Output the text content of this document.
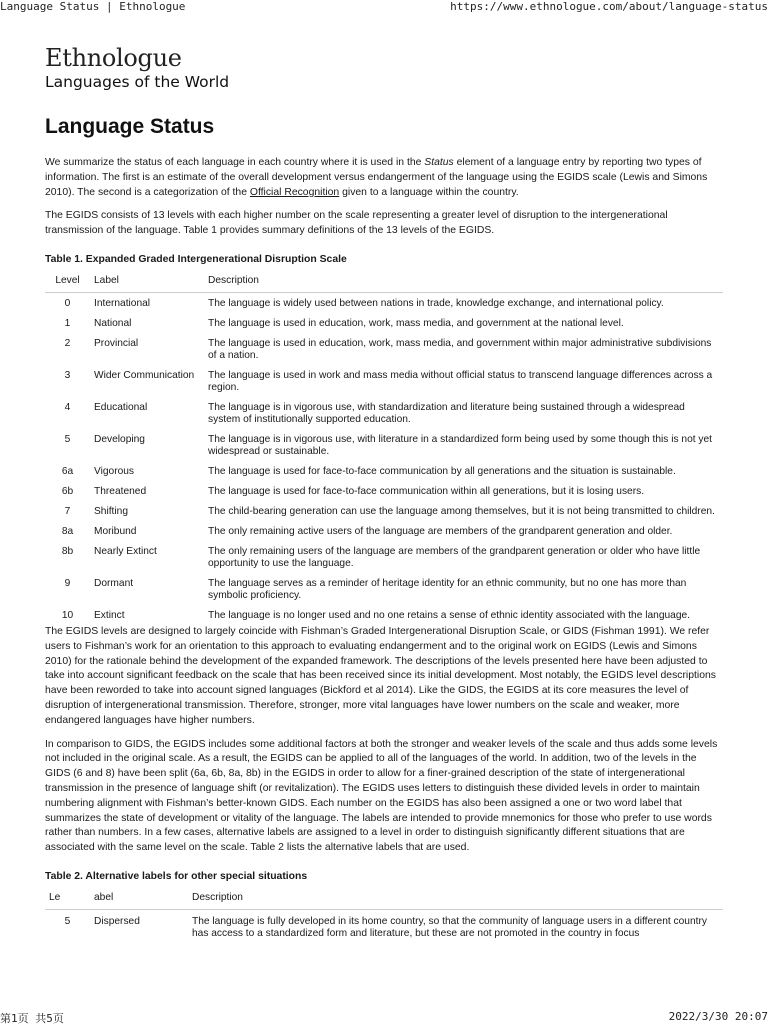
Language Status | Ethnologue	https://www.ethnologue.com/about/language-status
Ethnologue
Languages of the World
Language Status

We summarize the status of each language in each country where it is used in the Status element of a language entry by reporting two types of information. The first is an estimate of the overall development versus endangerment of the language using the EGIDS scale (Lewis and Simons 2010). The second is a categorization of the Official Recognition given to a language within the country.

The EGIDS consists of 13 levels with each higher number on the scale representing a greater level of disruption to the intergenerational transmission of the language. Table 1 provides summary definitions of the 13 levels of the EGIDS.

Table 1. Expanded Graded Intergenerational Disruption Scale
Level	Label	Description
0	International	The language is widely used between nations in trade, knowledge exchange, and international policy.
1	National	The language is used in education, work, mass media, and government at the national level.
2	Provincial	The language is used in education, work, mass media, and government within major administrative subdivisions of a nation.
3	Wider Communication	The language is used in work and mass media without official status to transcend language differences across a region.
4	Educational	The language is in vigorous use, with standardization and literature being sustained through a widespread system of institutionally supported education.
5	Developing	The language is in vigorous use, with literature in a standardized form being used by some though this is not yet widespread or sustainable.
6a	Vigorous	The language is used for face-to-face communication by all generations and the situation is sustainable.
6b	Threatened	The language is used for face-to-face communication within all generations, but it is losing users.
7	Shifting	The child-bearing generation can use the language among themselves, but it is not being transmitted to children.
8a	Moribund	The only remaining active users of the language are members of the grandparent generation and older.
8b	Nearly Extinct	The only remaining users of the language are members of the grandparent generation or older who have little opportunity to use the language.
9	Dormant	The language serves as a reminder of heritage identity for an ethnic community, but no one has more than symbolic proficiency.
10	Extinct	The language is no longer used and no one retains a sense of ethnic identity associated with the language.

The EGIDS levels are designed to largely coincide with Fishman’s Graded Intergenerational Disruption Scale, or GIDS (Fishman 1991). We refer users to Fishman’s work for an orientation to this approach to evaluating endangerment and to the original work on EGIDS (Lewis and Simons 2010) for the rationale behind the development of the expanded framework. The descriptions of the levels presented here have been adjusted to take into account significant feedback on the scale that has been received since its initial development. Most notably, the EGIDS level descriptions have been reworded to take into account signed languages (Bickford et al 2014). Like the GIDS, the EGIDS at its core measures the level of disruption of intergenerational transmission. Therefore, stronger, more vital languages have lower numbers on the scale and weaker, more endangered languages have higher numbers.

In comparison to GIDS, the EGIDS includes some additional factors at both the stronger and weaker levels of the scale and thus adds some levels not included in the original scale. As a result, the EGIDS can be applied to all of the languages of the world. In addition, two of the levels in the GIDS (6 and 8) have been split (6a, 6b, 8a, 8b) in the EGIDS in order to allow for a finer-grained description of the state of intergenerational transmission in the presence of language shift (or revitalization). The EGIDS uses letters to distinguish these divided levels in order to maintain numbering alignment with Fishman’s better-known GIDS. Each number on the EGIDS has also been assigned a one or two word label that summarizes the state of development or vitality of the language. The labels are intended to provide mnemonics for those who prefer to use words rather than numbers. In a few cases, alternative labels are assigned to a level in order to distinguish significantly different situations that are associated with the same level on the scale. Table 2 lists the alternative labels that are used.

Table 2. Alternative labels for other special situations
Le	abel	Description
5	Dispersed	The language is fully developed in its home country, so that the community of language users in a different country has access to a standardized form and literature, but these are not promoted in the country in focus
第1页 共5页	2022/3/30 20:07
